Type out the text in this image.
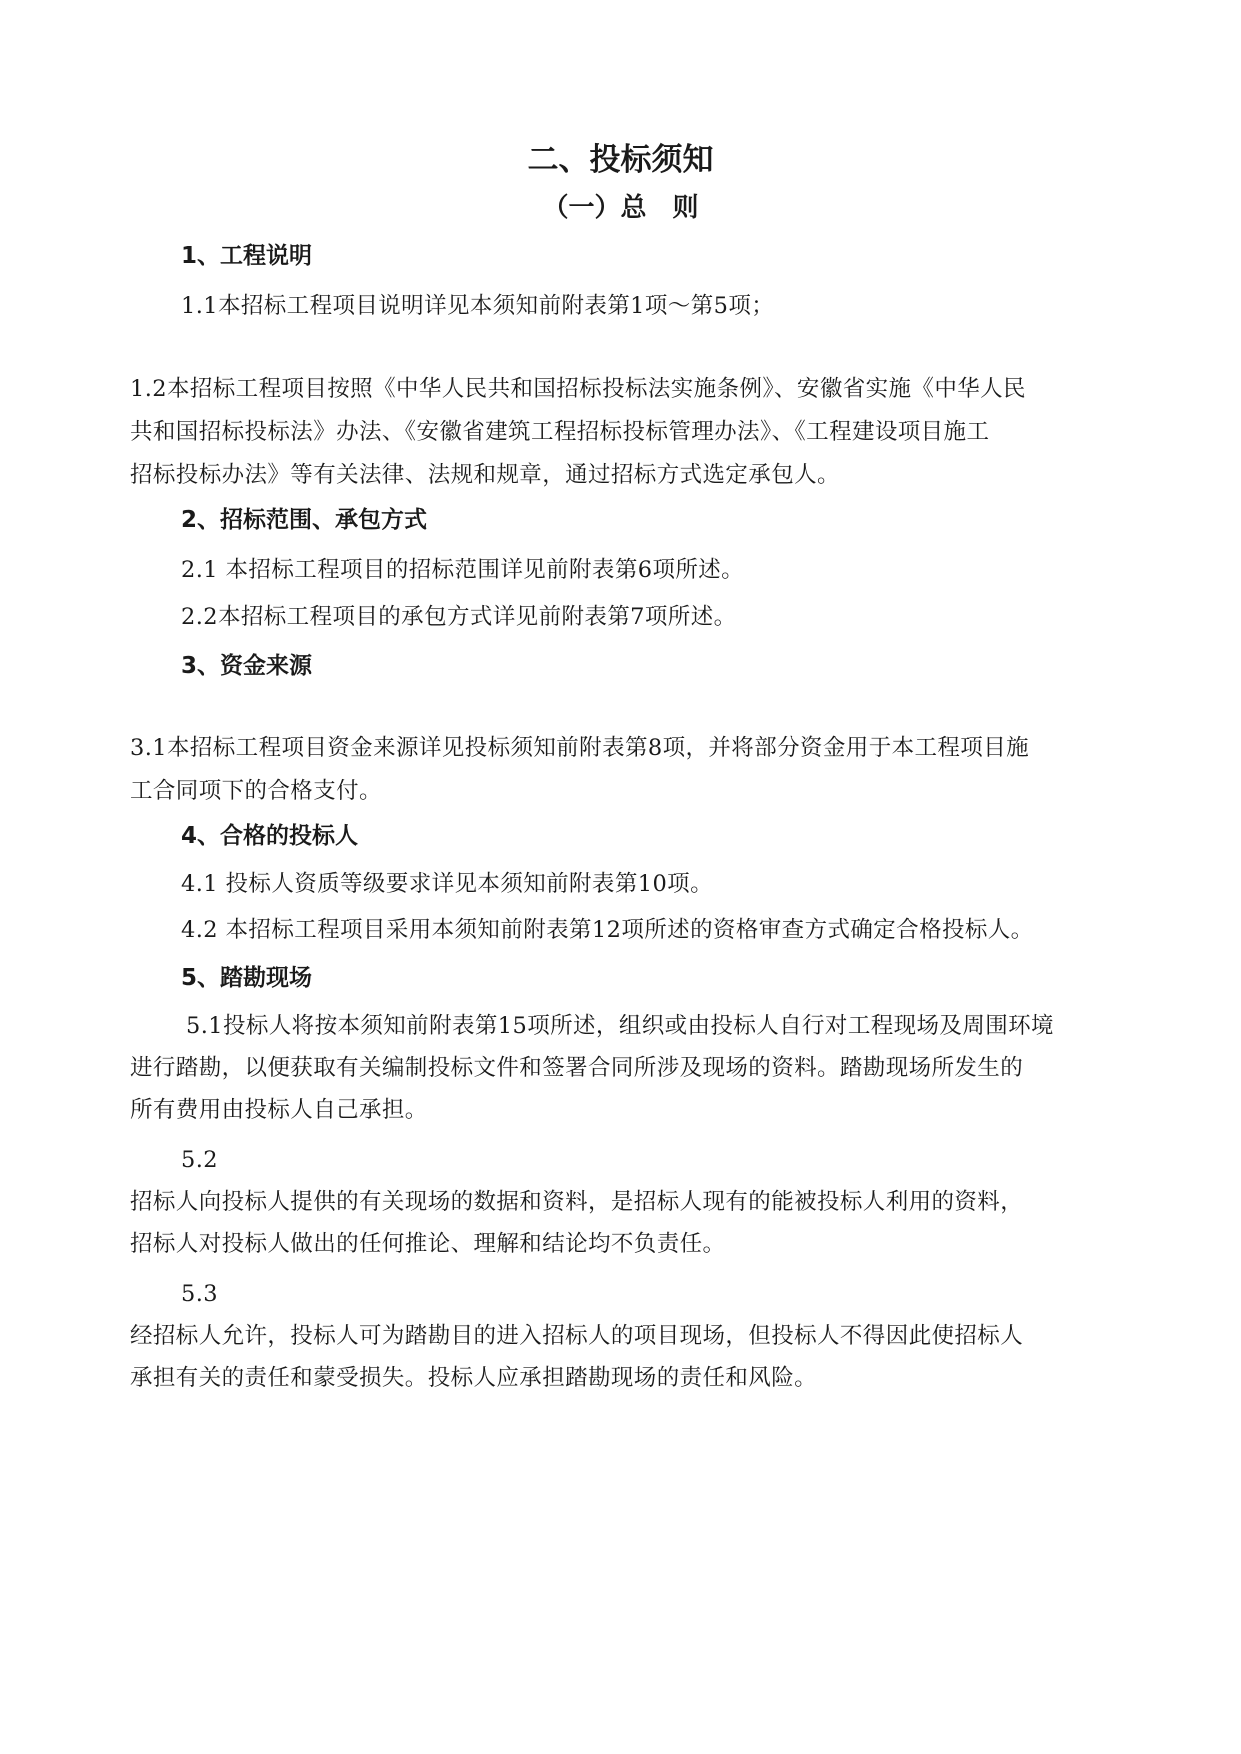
二、投标须知
（一）总　则
1、工程说明

1.1本招标工程项目说明详见本须知前附表第1项～第5项；

1.2本招标工程项目按照《中华人民共和国招标投标法实施条例》、安徽省实施《中华人民

共和国招标投标法》办法、《安徽省建筑工程招标投标管理办法》、《工程建设项目施工

招标投标办法》等有关法律、法规和规章，通过招标方式选定承包人。

2、招标范围、承包方式

2.1 本招标工程项目的招标范围详见前附表第6项所述。

2.2本招标工程项目的承包方式详见前附表第7项所述。

3、资金来源

3.1本招标工程项目资金来源详见投标须知前附表第8项，并将部分资金用于本工程项目施

工合同项下的合格支付。

4、合格的投标人

4.1 投标人资质等级要求详见本须知前附表第10项。

4.2 本招标工程项目采用本须知前附表第12项所述的资格审查方式确定合格投标人。

5、踏勘现场

5.1投标人将按本须知前附表第15项所述，组织或由投标人自行对工程现场及周围环境

进行踏勘，以便获取有关编制投标文件和签署合同所涉及现场的资料。踏勘现场所发生的

所有费用由投标人自己承担。

5.2

招标人向投标人提供的有关现场的数据和资料，是招标人现有的能被投标人利用的资料，

招标人对投标人做出的任何推论、理解和结论均不负责任。

5.3

经招标人允许，投标人可为踏勘目的进入招标人的项目现场，但投标人不得因此使招标人

承担有关的责任和蒙受损失。投标人应承担踏勘现场的责任和风险。
